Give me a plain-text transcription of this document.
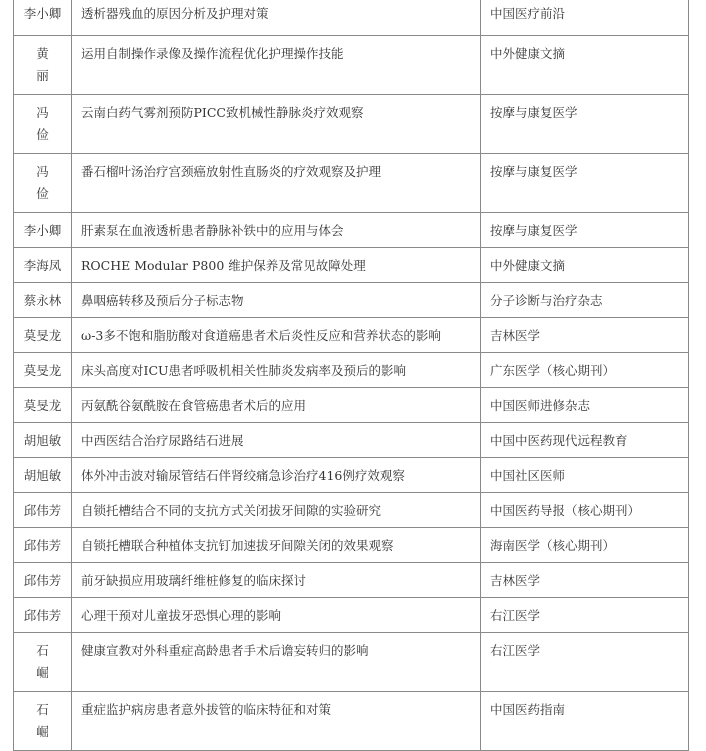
李小卿	透析器残血的原因分析及护理对策	中国医疗前沿

黄丽	运用自制操作录像及操作流程优化护理操作技能	中外健康文摘

冯俭	云南白药气雾剂预防PICC致机械性静脉炎疗效观察	按摩与康复医学

冯俭	番石榴叶汤治疗宫颈癌放射性直肠炎的疗效观察及护理	按摩与康复医学

李小卿	肝素泵在血液透析患者静脉补铁中的应用与体会	按摩与康复医学

李海凤	ROCHE Modular P800 维护保养及常见故障处理	中外健康文摘

蔡永林	鼻咽癌转移及预后分子标志物	分子诊断与治疗杂志

莫旻龙	ω-3多不饱和脂肪酸对食道癌患者术后炎性反应和营养状态的影响	吉林医学

莫旻龙	床头高度对ICU患者呼吸机相关性肺炎发病率及预后的影响	广东医学（核心期刊）

莫旻龙	丙氨酰谷氨酰胺在食管癌患者术后的应用	中国医师进修杂志

胡旭敏	中西医结合治疗尿路结石进展	中国中医药现代远程教育

胡旭敏	体外冲击波对输尿管结石伴肾绞痛急诊治疗416例疗效观察	中国社区医师

邱伟芳	自锁托槽结合不同的支抗方式关闭拔牙间隙的实验研究	中国医药导报（核心期刊）

邱伟芳	自锁托槽联合种植体支抗钉加速拔牙间隙关闭的效果观察	海南医学（核心期刊）

邱伟芳	前牙缺损应用玻璃纤维桩修复的临床探讨	吉林医学

邱伟芳	心理干预对儿童拔牙恐惧心理的影响	右江医学

石崛	健康宣教对外科重症高龄患者手术后谵妄转归的影响	右江医学

石崛	重症监护病房患者意外拔管的临床特征和对策	中国医药指南
